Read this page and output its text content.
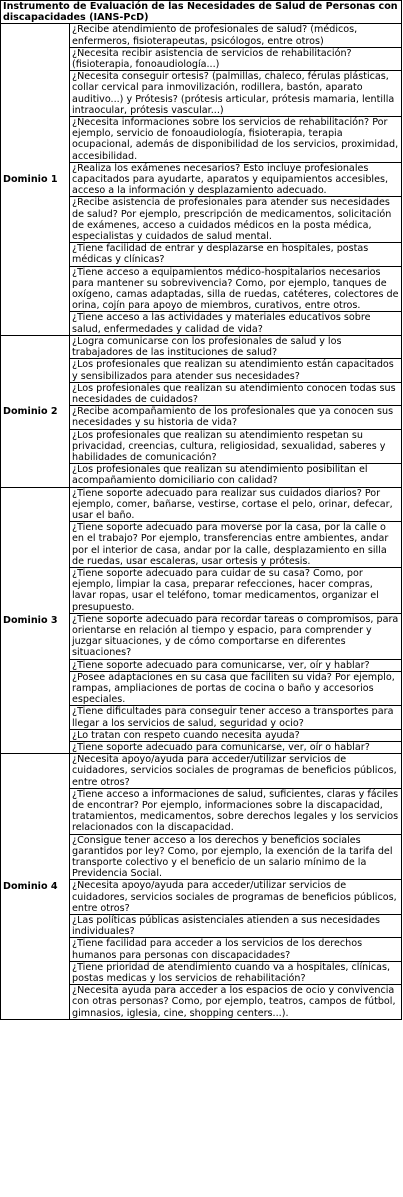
Instrumento de Evaluación de las Necesidades de Salud de Personas con discapacidades (IANS-PcD)	
Dominio 1	¿Recibe atendimiento de profesionales de salud? (médicos, enfermeros, fisioterapeutas, psicólogos, entre otros)
	¿Necesita recibir asistencia de servicios de rehabilitación? (fisioterapia, fonoaudiología...)
	¿Necesita conseguir ortesis? (palmillas, chaleco, férulas plásticas, collar cervical para inmovilización, rodillera, bastón, aparato auditivo...) y Prótesis? (prótesis articular, prótesis mamaria, lentilla intraocular, prótesis vascular...)
	¿Necesita informaciones sobre los servicios de rehabilitación? Por ejemplo, servicio de fonoaudiología, fisioterapia, terapia ocupacional, además de disponibilidad de los servicios, proximidad, accesibilidad.
	¿Realiza los exámenes necesarios? Esto incluye profesionales capacitados para ayudarte, aparatos y equipamientos accesibles, acceso a la información y desplazamiento adecuado.
	¿Recibe asistencia de profesionales para atender sus necesidades de salud? Por ejemplo, prescripción de medicamentos, solicitación de exámenes, acceso a cuidados médicos en la posta médica, especialistas y cuidados de salud mental.
	¿Tiene facilidad de entrar y desplazarse en hospitales, postas médicas y clínicas?
	¿Tiene acceso a equipamientos médico-hospitalarios necesarios para mantener su sobrevivencia? Como, por ejemplo, tanques de oxígeno, camas adaptadas, silla de ruedas, catéteres, colectores de orina, cojín para apoyo de miembros, curativos, entre otros.
	¿Tiene acceso a las actividades y materiales educativos sobre salud, enfermedades y calidad de vida?
Dominio 2	¿Logra comunicarse con los profesionales de salud y los trabajadores de las instituciones de salud?
	¿Los profesionales que realizan su atendimiento están capacitados y sensibilizados para atender sus necesidades?
	¿Los profesionales que realizan su atendimiento conocen todas sus necesidades de cuidados?
	¿Recibe acompañamiento de los profesionales que ya conocen sus necesidades y su historia de vida?
	¿Los profesionales que realizan su atendimiento respetan su privacidad, creencias, cultura, religiosidad, sexualidad, saberes y habilidades de comunicación?
	¿Los profesionales que realizan su atendimiento posibilitan el acompañamiento domiciliario con calidad?
Dominio 3	¿Tiene soporte adecuado para realizar sus cuidados diarios? Por ejemplo, comer, bañarse, vestirse, cortase el pelo, orinar, defecar, usar el baño.
	¿Tiene soporte adecuado para moverse por la casa, por la calle o en el trabajo? Por ejemplo, transferencias entre ambientes, andar por el interior de casa, andar por la calle, desplazamiento en silla de ruedas, usar escaleras, usar ortesis y prótesis.
	¿Tiene soporte adecuado para cuidar de su casa? Como, por ejemplo, limpiar la casa, preparar refecciones, hacer compras, lavar ropas, usar el teléfono, tomar medicamentos, organizar el presupuesto.
	¿Tiene soporte adecuado para recordar tareas o compromisos, para orientarse en relación al tiempo y espacio, para comprender y juzgar situaciones, y de cómo comportarse en diferentes situaciones?
	¿Tiene soporte adecuado para comunicarse, ver, oír y hablar?
	¿Posee adaptaciones en su casa que faciliten su vida? Por ejemplo, rampas, ampliaciones de portas de cocina o baño y accesorios especiales.
	¿Tiene dificultades para conseguir tener acceso a transportes para llegar a los servicios de salud, seguridad y ocio?
	¿Lo tratan con respeto cuando necesita ayuda?
	¿Tiene soporte adecuado para comunicarse, ver, oír o hablar?
Dominio 4	¿Necesita apoyo/ayuda para acceder/utilizar servicios de cuidadores, servicios sociales de programas de beneficios públicos, entre otros?
	¿Tiene acceso a informaciones de salud, suficientes, claras y fáciles de encontrar? Por ejemplo, informaciones sobre la discapacidad, tratamientos, medicamentos, sobre derechos legales y los servicios relacionados con la discapacidad.
	¿Consigue tener acceso a los derechos y beneficios sociales garantidos por ley? Como, por ejemplo, la exención de la tarifa del transporte colectivo y el beneficio de un salario mínimo de la Previdencia Social.
	¿Necesita apoyo/ayuda para acceder/utilizar servicios de cuidadores, servicios sociales de programas de beneficios públicos, entre otros?
	¿Las políticas públicas asistenciales atienden a sus necesidades individuales?
	¿Tiene facilidad para acceder a los servicios de los derechos humanos para personas con discapacidades?
	¿Tiene prioridad de atendimiento cuando va a hospitales, clínicas, postas medicas y los servicios de rehabilitación?
	¿Necesita ayuda para acceder a los espacios de ocio y convivencia con otras personas? Como, por ejemplo, teatros, campos de fútbol, gimnasios, iglesia, cine, shopping centers...).
